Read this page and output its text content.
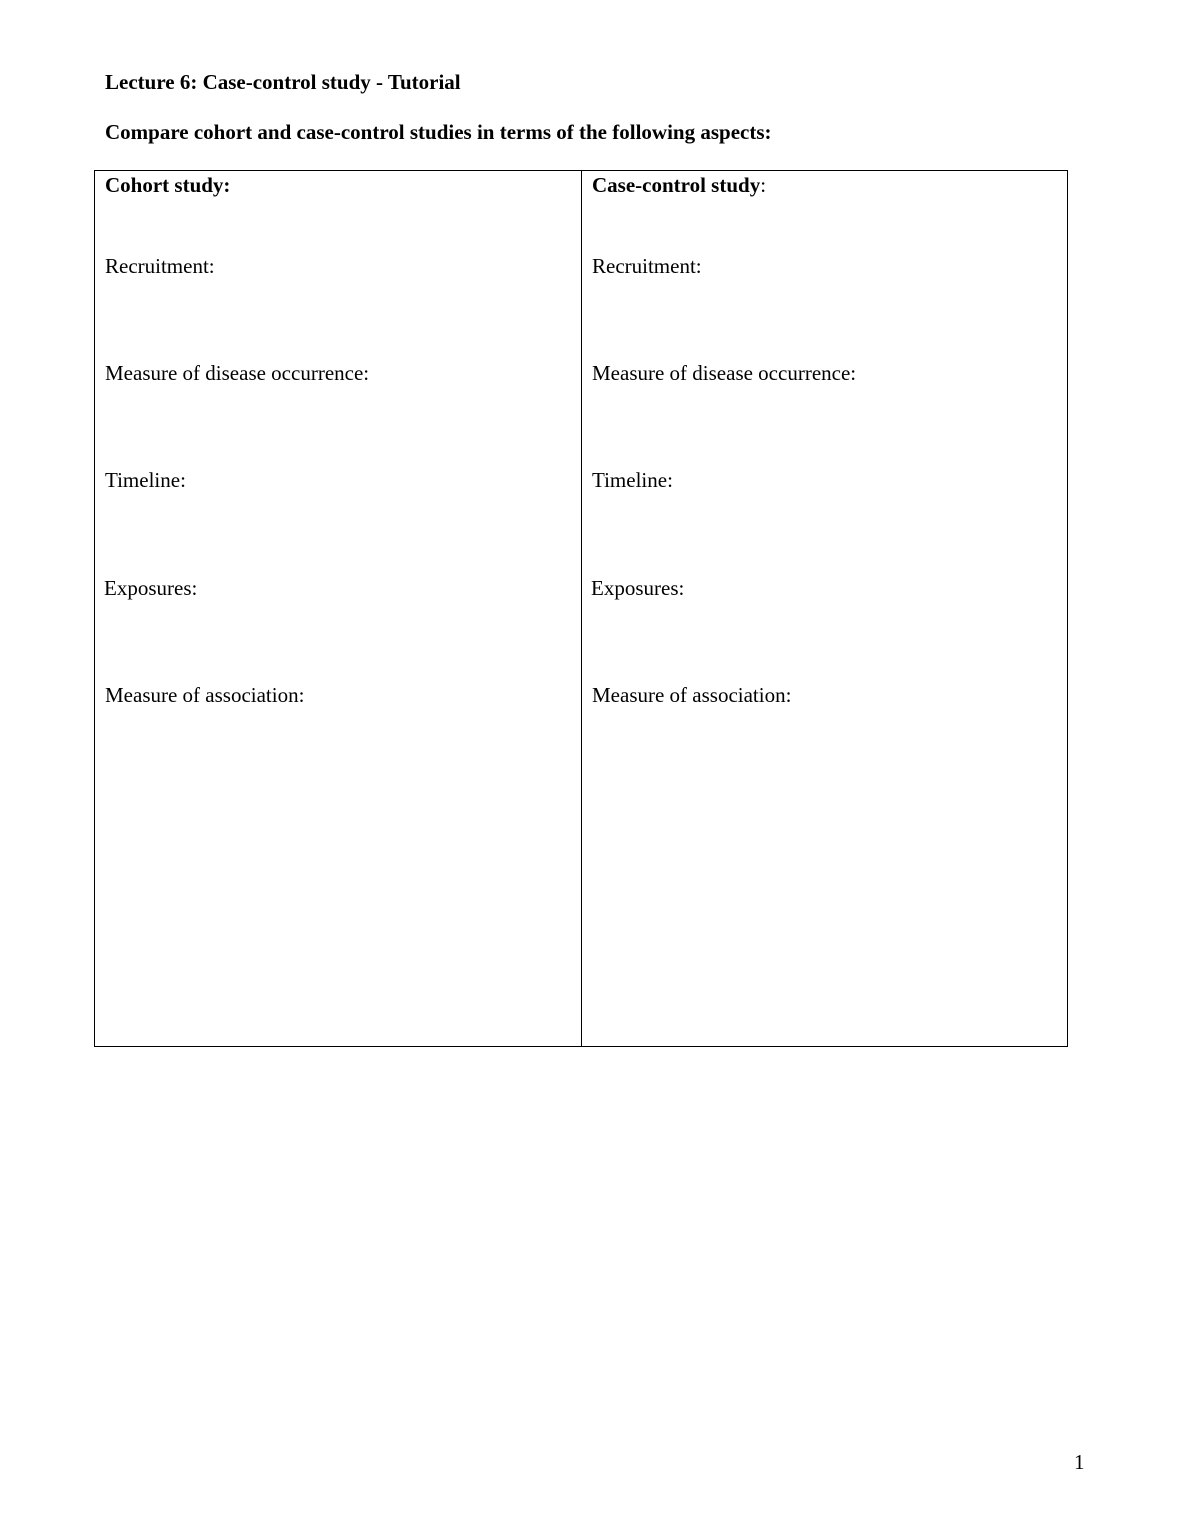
Lecture 6: Case-control study - Tutorial
Compare cohort and case-control studies in terms of the following aspects:
Cohort study:
Recruitment:
Measure of disease occurrence:
Timeline:
Exposures:
Measure of association:
Case-control study:
Recruitment:
Measure of disease occurrence:
Timeline:
Exposures:
Measure of association:
1
